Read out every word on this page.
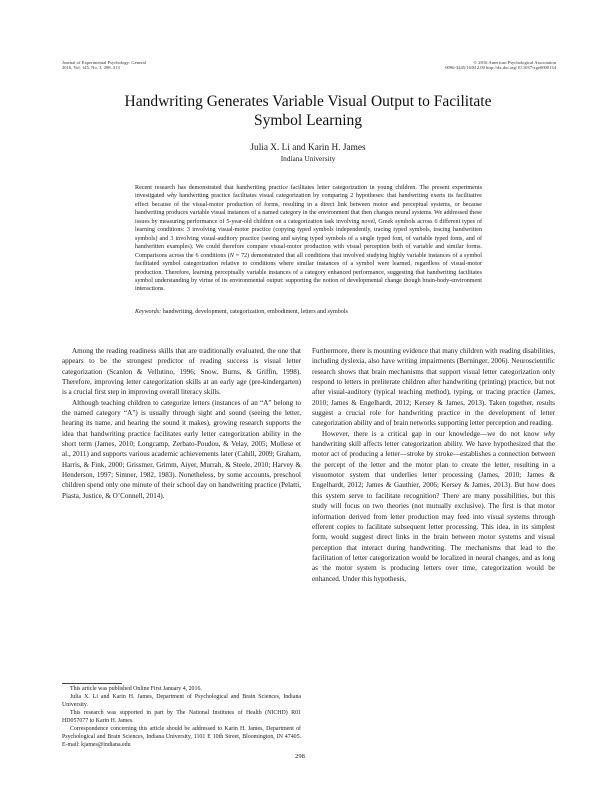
Journal of Experimental Psychology: General
2016, Vol. 145, No. 3, 298–313
© 2016 American Psychological Association
0096-3445/16/$12.00 http://dx.doi.org/10.1037/xge0000134
Handwriting Generates Variable Visual Output to Facilitate
Symbol Learning
Julia X. Li and Karin H. James
Indiana University
Recent research has demonstrated that handwriting practice facilitates letter categorization in young children. The present experiments investigated why handwriting practice facilitates visual categorization by comparing 2 hypotheses: that handwriting exerts its facilitative effect because of the visual-motor production of forms, resulting in a direct link between motor and perceptual systems, or because handwriting produces variable visual instances of a named category in the environment that then changes neural systems. We addressed these issues by measuring performance of 5-year-old children on a categorization task involving novel, Greek symbols across 6 different types of learning conditions: 3 involving visual-motor practice (copying typed symbols independently, tracing typed symbols, tracing handwritten symbols) and 3 involving visual-auditory practice (seeing and saying typed symbols of a single typed font, of variable typed fonts, and of handwritten examples). We could therefore compare visual-motor production with visual perception both of variable and similar forms. Comparisons across the 6 conditions (N = 72) demonstrated that all conditions that involved studying highly variable instances of a symbol facilitated symbol categorization relative to conditions where similar instances of a symbol were learned, regardless of visual-motor production. Therefore, learning perceptually variable instances of a category enhanced performance, suggesting that handwriting facilitates symbol understanding by virtue of its environmental output: supporting the notion of developmental change though brain-body-environment interactions.
Keywords: handwriting, development, categorization, embodiment, letters and symbols

Among the reading readiness skills that are traditionally evaluated, the one that appears to be the strongest predictor of reading success is visual letter categorization (Scanlon & Vellutino, 1996; Snow, Burns, & Griffin, 1998). Therefore, improving letter categorization skills at an early age (pre-kindergarten) is a crucial first step in improving overall literacy skills.

Although teaching children to categorize letters (instances of an “A” belong to the named category “A”) is usually through sight and sound (seeing the letter, hearing its name, and hearing the sound it makes), growing research supports the idea that handwriting practice facilitates early letter categorization ability in the short term (James, 2010; Longcamp, Zerbato-Poudou, & Velay, 2005; Mollese et al., 2011) and supports various academic achievements later (Cahill, 2009; Graham, Harris, & Fink, 2000; Grissmer, Grimm, Aiyer, Murrah, & Steele, 2010; Harvey & Henderson, 1997; Simner, 1982, 1983). Nonetheless, by some accounts, preschool children spend only one minute of their school day on handwriting practice (Pelatti, Piasta, Justice, & O’Connell, 2014).

Furthermore, there is mounting evidence that many children with reading disabilities, including dyslexia, also have writing impairments (Berninger, 2006). Neuroscientific research shows that brain mechanisms that support visual letter categorization only respond to letters in preliterate children after handwriting (printing) practice, but not after visual-auditory (typical teaching method), typing, or tracing practice (James, 2010; James & Engelhardt, 2012; Kersey & James, 2013). Taken together, results suggest a crucial role for handwriting practice in the development of letter categorization ability and of brain networks supporting letter perception and reading.

However, there is a critical gap in our knowledge—we do not know why handwriting skill affects letter categorization ability. We have hypothesized that the motor act of producing a letter—stroke by stroke—establishes a connection between the percept of the letter and the motor plan to create the letter, resulting in a visuomotor system that underlies letter processing (James, 2010; James & Engelhardt, 2012; James & Gauthier, 2006; Kersey & James, 2013). But how does this system serve to facilitate recognition? There are many possibilities, but this study will focus on two theories (not mutually exclusive). The first is that motor information derived from letter production may feed into visual systems through efferent copies to facilitate subsequent letter processing. This idea, in its simplest form, would suggest direct links in the brain between motor systems and visual perception that interact during handwriting. The mechanisms that lead to the facilitation of letter categorization would be localized in neural changes, and as long as the motor system is producing letters over time, categorization would be enhanced. Under this hypothesis,

This article was published Online First January 4, 2016.

Julia X. Li and Karin H. James, Department of Psychological and Brain Sciences, Indiana University.

This research was supported in part by The National Institutes of Health (NICHD) R01 HD057077 to Karin H. James.

Correspondence concerning this article should be addressed to Karin H. James, Department of Psychological and Brain Sciences, Indiana University, 1101 E 10th Street, Bloomington, IN 47405. E-mail: kjames@indiana.edu

298
